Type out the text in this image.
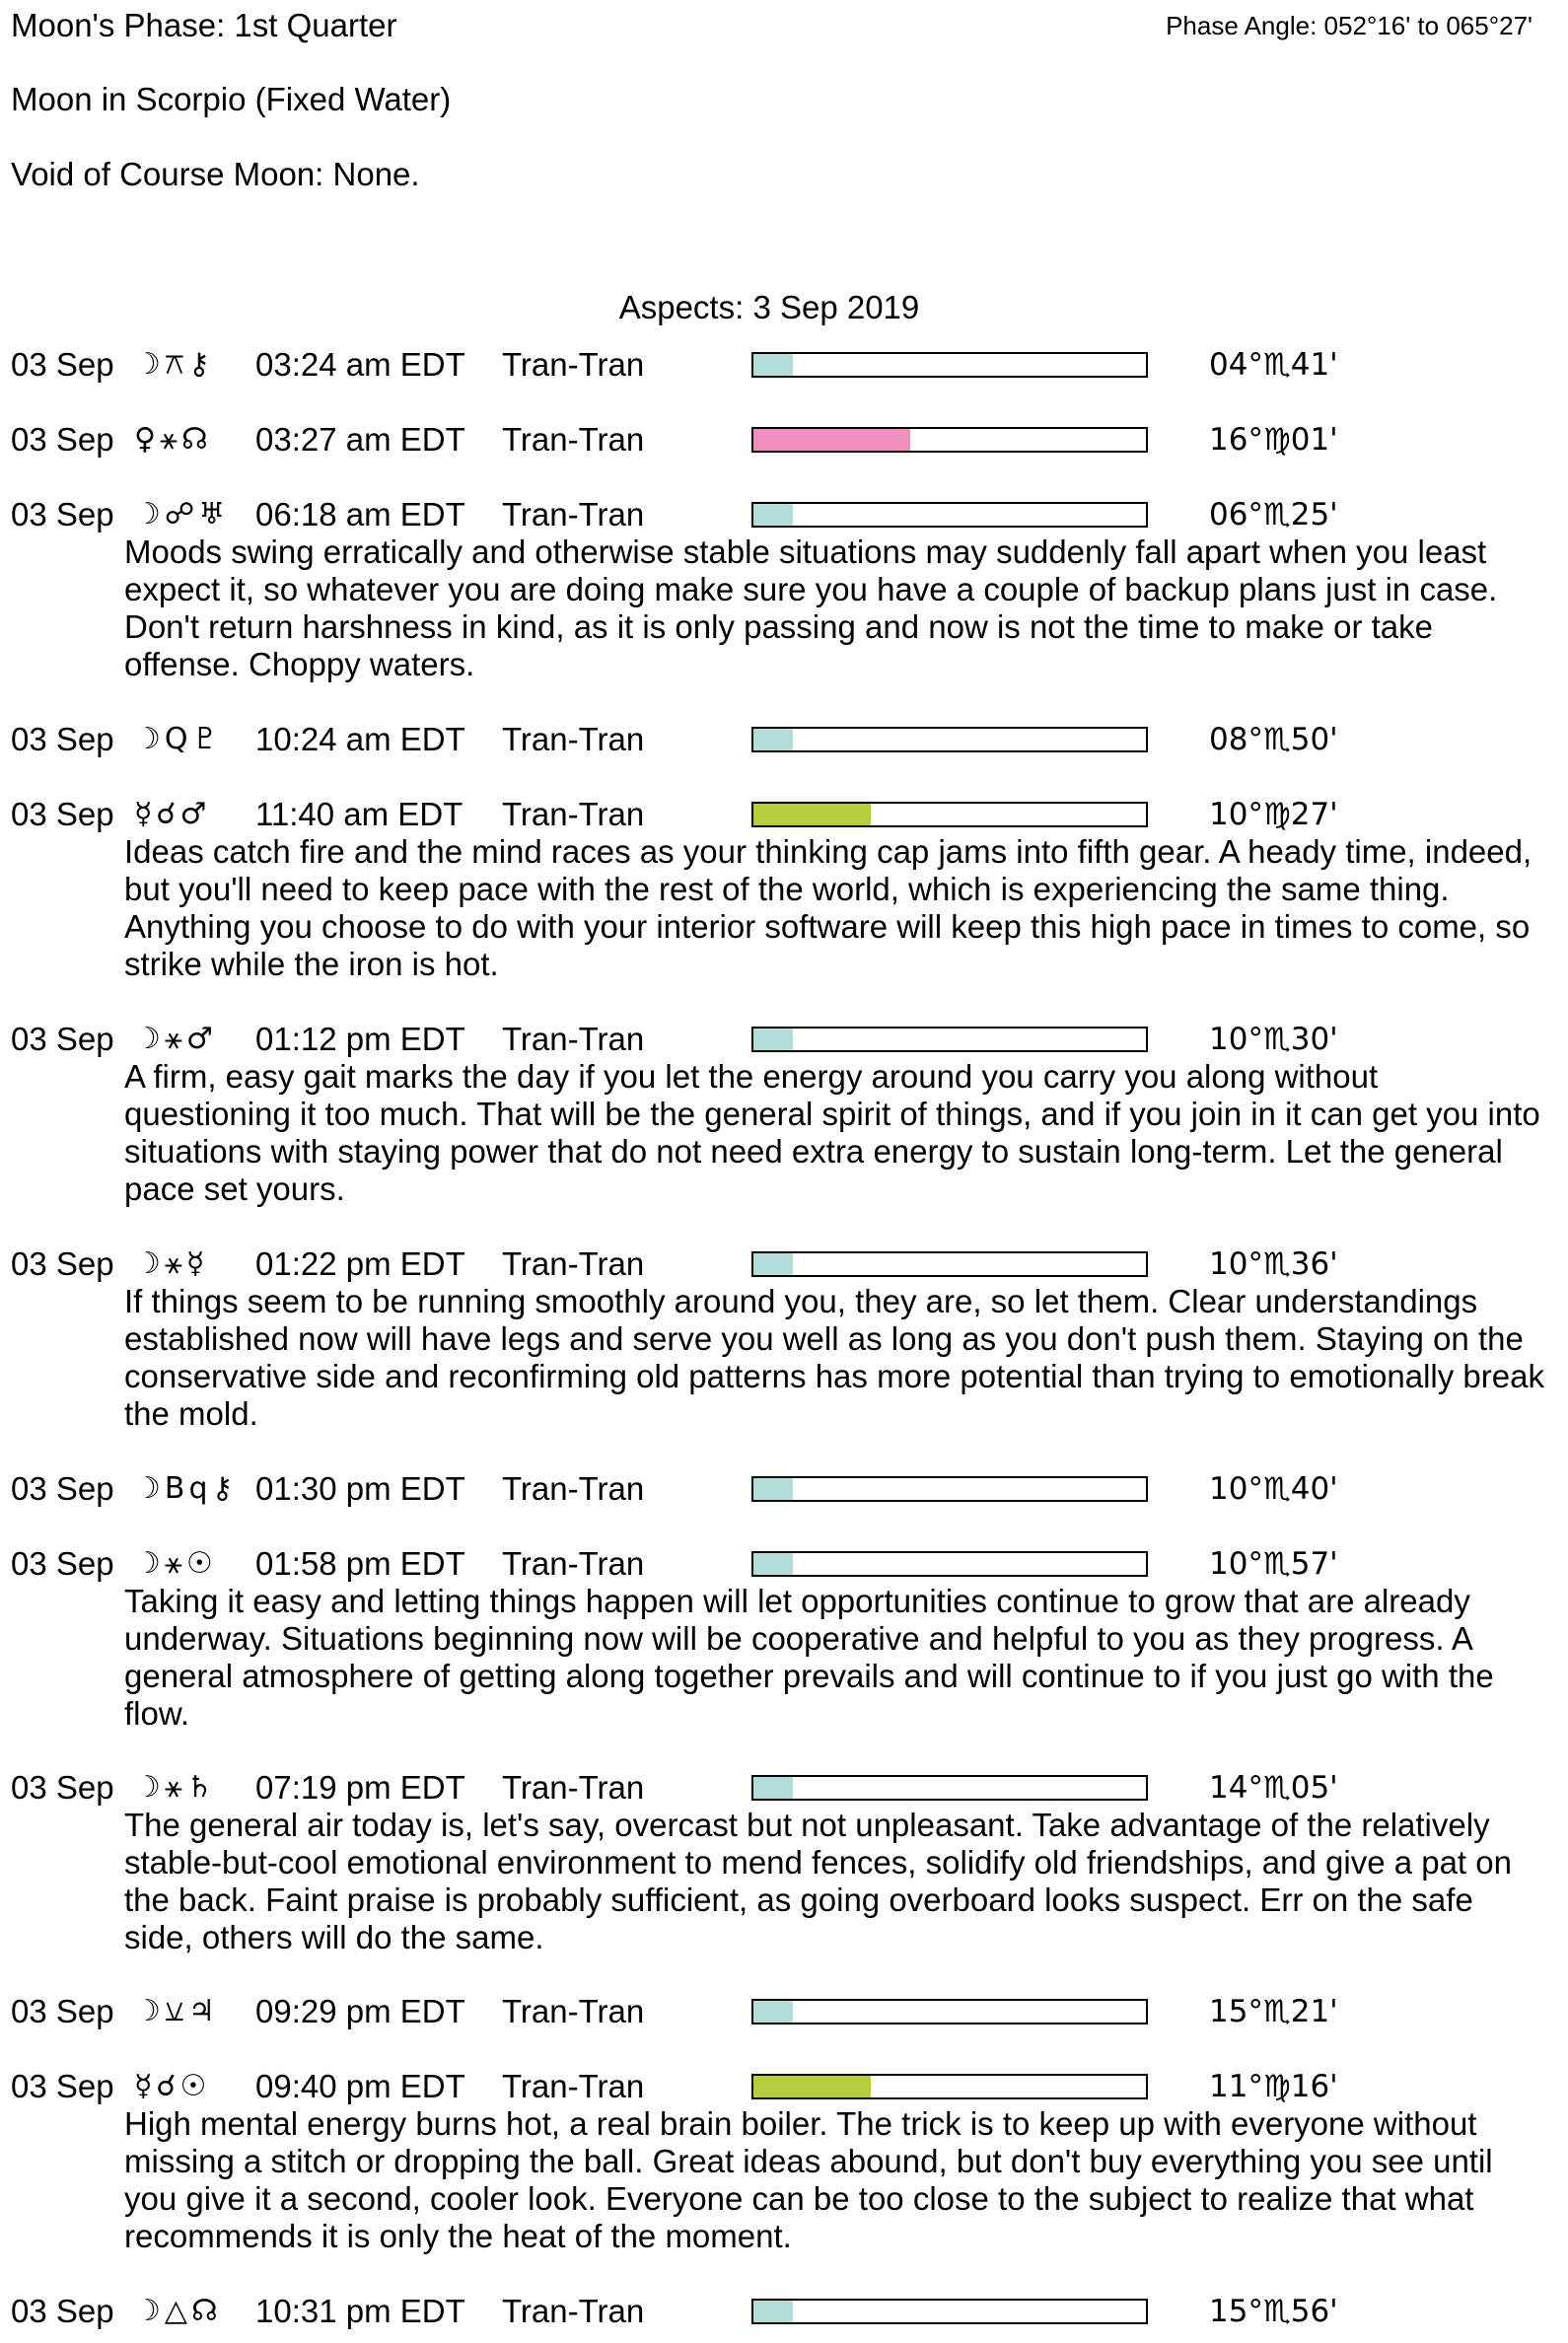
Moon's Phase: 1st Quarter	Phase Angle: 052°16' to 065°27'
Moon in Scorpio (Fixed Water)
Void of Course Moon: None.
Aspects: 3 Sep 2019
03 Sep ☽⚻⚷ 03:24 am EDT Tran-Tran	04°♏41'
03 Sep ♀⚹☊ 03:27 am EDT Tran-Tran	16°♍01'
03 Sep ☽☍♅ 06:18 am EDT Tran-Tran	06°♏25'
Moods swing erratically and otherwise stable situations may suddenly fall apart when you least expect it, so whatever you are doing make sure you have a couple of backup plans just in case. Don't return harshness in kind, as it is only passing and now is not the time to make or take offense. Choppy waters.
03 Sep ☽Q♇ 10:24 am EDT Tran-Tran	08°♏50'
03 Sep ☿☌♂ 11:40 am EDT Tran-Tran	10°♍27'
Ideas catch fire and the mind races as your thinking cap jams into fifth gear. A heady time, indeed, but you'll need to keep pace with the rest of the world, which is experiencing the same thing. Anything you choose to do with your interior software will keep this high pace in times to come, so strike while the iron is hot.
03 Sep ☽⚹♂ 01:12 pm EDT Tran-Tran	10°♏30'
A firm, easy gait marks the day if you let the energy around you carry you along without questioning it too much. That will be the general spirit of things, and if you join in it can get you into situations with staying power that do not need extra energy to sustain long-term. Let the general pace set yours.
03 Sep ☽⚹☿ 01:22 pm EDT Tran-Tran	10°♏36'
If things seem to be running smoothly around you, they are, so let them. Clear understandings established now will have legs and serve you well as long as you don't push them. Staying on the conservative side and reconfirming old patterns has more potential than trying to emotionally break the mold.
03 Sep ☽Bq⚷ 01:30 pm EDT Tran-Tran	10°♏40'
03 Sep ☽⚹☉ 01:58 pm EDT Tran-Tran	10°♏57'
Taking it easy and letting things happen will let opportunities continue to grow that are already underway. Situations beginning now will be cooperative and helpful to you as they progress. A general atmosphere of getting along together prevails and will continue to if you just go with the flow.
03 Sep ☽⚹♄ 07:19 pm EDT Tran-Tran	14°♏05'
The general air today is, let's say, overcast but not unpleasant. Take advantage of the relatively stable-but-cool emotional environment to mend fences, solidify old friendships, and give a pat on the back. Faint praise is probably sufficient, as going overboard looks suspect. Err on the safe side, others will do the same.
03 Sep ☽⚺♃ 09:29 pm EDT Tran-Tran	15°♏21'
03 Sep ☿☌☉ 09:40 pm EDT Tran-Tran	11°♍16'
High mental energy burns hot, a real brain boiler. The trick is to keep up with everyone without missing a stitch or dropping the ball. Great ideas abound, but don't buy everything you see until you give it a second, cooler look. Everyone can be too close to the subject to realize that what recommends it is only the heat of the moment.
03 Sep ☽△☊ 10:31 pm EDT Tran-Tran	15°♏56'
